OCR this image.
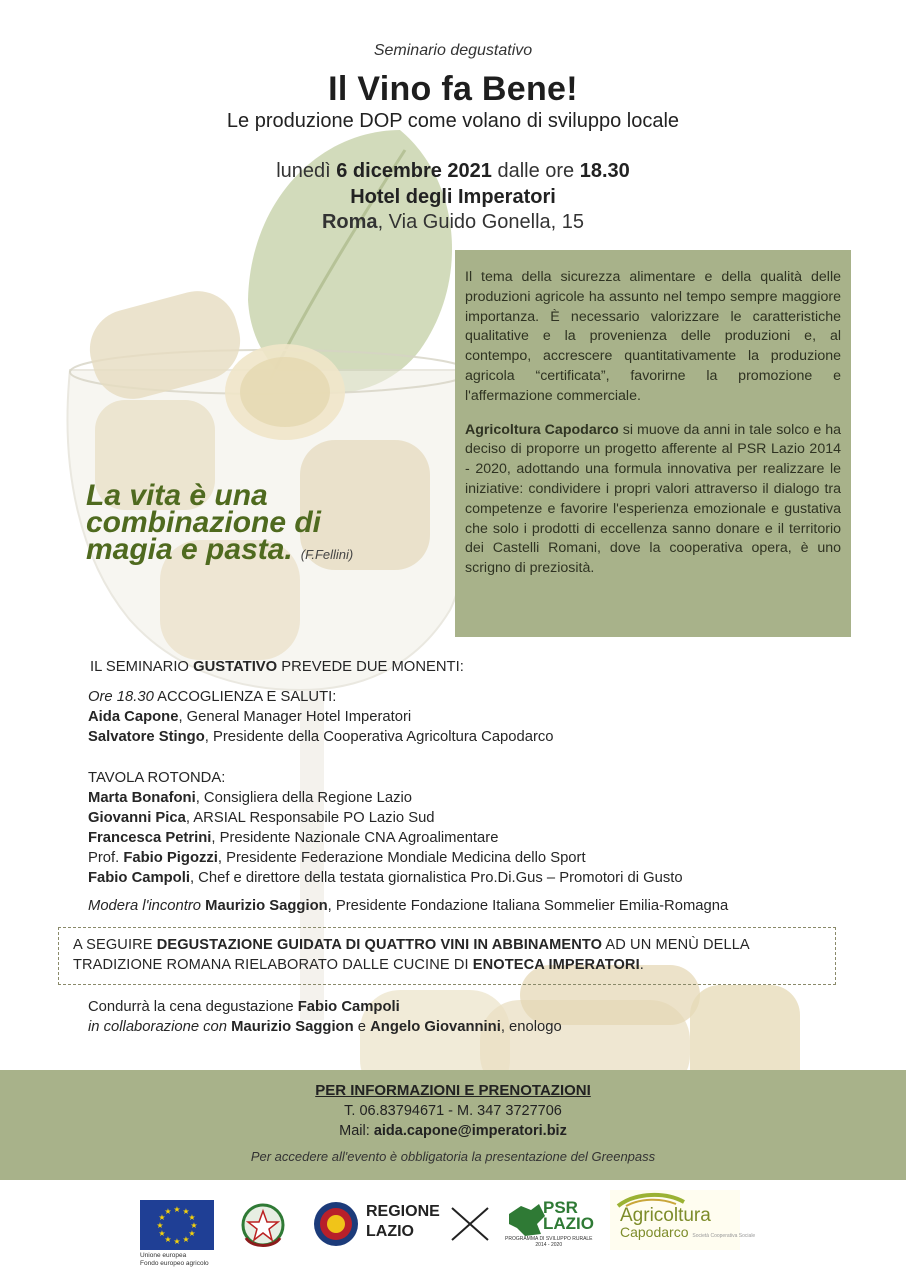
Seminario degustativo
Il Vino fa Bene!
Le produzione DOP come volano di sviluppo locale
lunedì 6 dicembre 2021 dalle ore 18.30
Hotel degli Imperatori
Roma, Via Guido Gonella, 15

Il tema della sicurezza alimentare e della qualità delle produzioni agricole ha assunto nel tempo sempre maggiore importanza. È necessario valorizzare le caratteristiche qualitative e la provenienza delle produzioni e, al contempo, accrescere quantitativamente la produzione agricola “certificata”, favorirne la promozione e l'affermazione commerciale.

Agricoltura Capodarco si muove da anni in tale solco e ha deciso di proporre un progetto afferente al PSR Lazio 2014 - 2020, adottando una formula innovativa per realizzare le iniziative: condividere i propri valori attraverso il dialogo tra competenze e favorire l'esperienza emozionale e gustativa che solo i prodotti di eccellenza sanno donare e il territorio dei Castelli Romani, dove la cooperativa opera, è uno scrigno di preziosità.

La vita è una combinazione di magia e pasta. (F.Fellini)
IL SEMINARIO GUSTATIVO PREVEDE DUE MONENTI:
Ore 18.30 ACCOGLIENZA E SALUTI:
Aida Capone, General Manager Hotel Imperatori
Salvatore Stingo, Presidente della Cooperativa Agricoltura Capodarco
TAVOLA ROTONDA:
Marta Bonafoni, Consigliera della Regione Lazio
Giovanni Pica, ARSIAL Responsabile PO Lazio Sud
Francesca Petrini, Presidente Nazionale CNA Agroalimentare
Prof. Fabio Pigozzi, Presidente Federazione Mondiale Medicina dello Sport
Fabio Campoli, Chef e direttore della testata giornalistica Pro.Di.Gus – Promotori di Gusto
Modera l'incontro Maurizio Saggion, Presidente Fondazione Italiana Sommelier Emilia-Romagna
A SEGUIRE DEGUSTAZIONE GUIDATA DI QUATTRO VINI IN ABBINAMENTO AD UN MENÙ DELLA TRADIZIONE ROMANA RIELABORATO DALLE CUCINE DI ENOTECA IMPERATORI.
Condurrà la cena degustazione Fabio Campoli
in collaborazione con Maurizio Saggion e Angelo Giovannini, enologo
PER INFORMAZIONI E PRENOTAZIONI
T. 06.83794671 - M. 347 3727706
Mail: aida.capone@imperatori.biz
Per accedere all'evento è obbligatoria la presentazione del Greenpass
★ ★
★
★
★
★
★
★
★
★
★
★
Unione europea
Fondo europeo agricolo
REGIONE
LAZIO
PSR
LAZIO
PROGRAMMA DI SVILUPPO RURALE
2014 - 2020
Agricoltura
Capodarco Società Cooperativa Sociale
